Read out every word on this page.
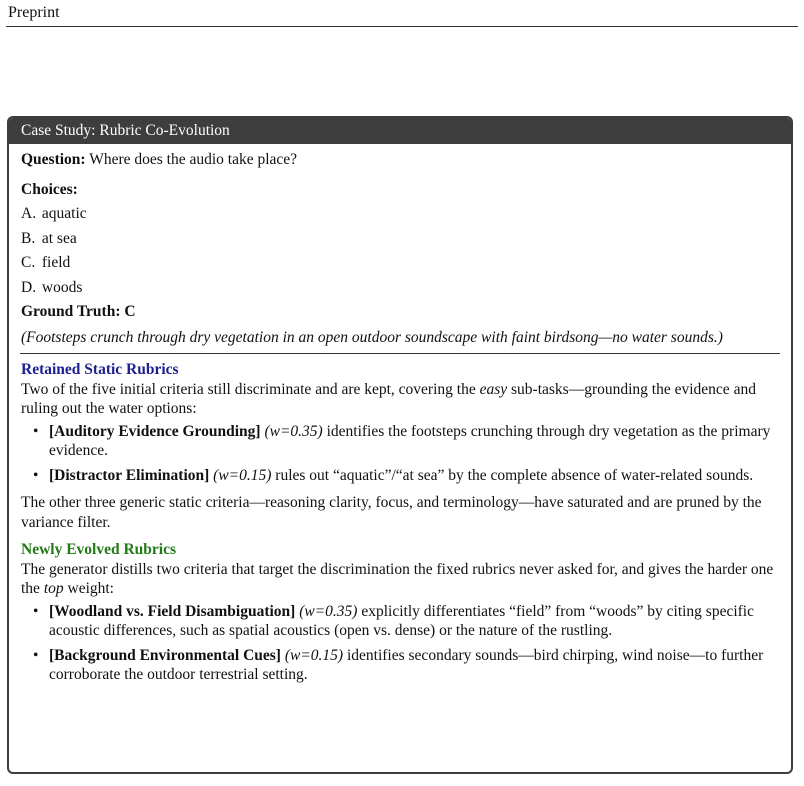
Preprint
Case Study: Rubric Co-Evolution

Question: Where does the audio take place?

Choices:

A. aquatic
B. at sea
C. field
D. woods

Ground Truth: C

(Footsteps crunch through dry vegetation in an open outdoor soundscape with faint birdsong—no water sounds.)

Retained Static Rubrics

Two of the five initial criteria still discriminate and are kept, covering the easy sub-tasks—grounding the evidence and ruling out the water options:

• [Auditory Evidence Grounding] (w=0.35) identifies the footsteps crunching through dry vegetation as the primary evidence.
• [Distractor Elimination] (w=0.15) rules out “aquatic”/“at sea” by the complete absence of water-related sounds.

The other three generic static criteria—reasoning clarity, focus, and terminology—have saturated and are pruned by the variance filter.

Newly Evolved Rubrics

The generator distills two criteria that target the discrimination the fixed rubrics never asked for, and gives the harder one the top weight:

• [Woodland vs. Field Disambiguation] (w=0.35) explicitly differentiates “field” from “woods” by citing specific acoustic differences, such as spatial acoustics (open vs. dense) or the nature of the rustling.
• [Background Environmental Cues] (w=0.15) identifies secondary sounds—bird chirping, wind noise—to further corroborate the outdoor terrestrial setting.
